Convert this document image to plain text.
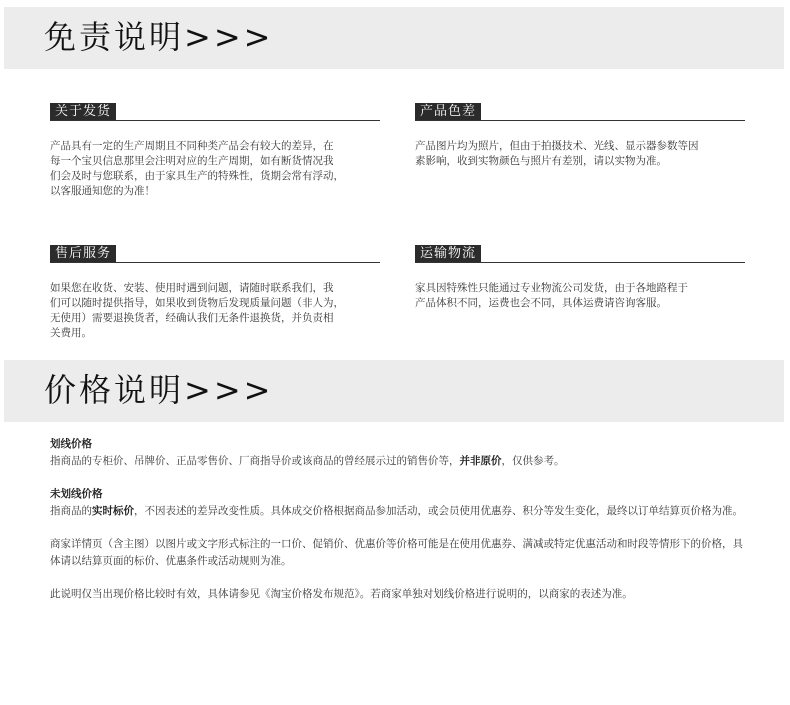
免责说明>>>
关于发货
产品具有一定的生产周期且不同种类产品会有较大的差异，在
每一个宝贝信息那里会注明对应的生产周期，如有断货情况我
们会及时与您联系，由于家具生产的特殊性，货期会常有浮动，
以客服通知您的为准！
产品色差
产品图片均为照片，但由于拍摄技术、光线、显示器参数等因
素影响，收到实物颜色与照片有差别，请以实物为准。
售后服务
如果您在收货、安装、使用时遇到问题，请随时联系我们，我
们可以随时提供指导，如果收到货物后发现质量问题（非人为，
无使用）需要退换货者，经确认我们无条件退换货，并负责相
关费用。
运输物流
家具因特殊性只能通过专业物流公司发货，由于各地路程于
产品体积不同，运费也会不同，具体运费请咨询客服。
价格说明>>>
划线价格
指商品的专柜价、吊牌价、正品零售价、厂商指导价或该商品的曾经展示过的销售价等，并非原价，仅供参考。
未划线价格
指商品的实时标价，不因表述的差异改变性质。具体成交价格根据商品参加活动，或会员使用优惠券、积分等发生变化，最终以订单结算页价格为准。
商家详情页（含主图）以图片或文字形式标注的一口价、促销价、优惠价等价格可能是在使用优惠券、满减或特定优惠活动和时段等情形下的价格，具体请以结算页面的标价、优惠条件或活动规则为准。
此说明仅当出现价格比较时有效，具体请参见《淘宝价格发布规范》。若商家单独对划线价格进行说明的，以商家的表述为准。
